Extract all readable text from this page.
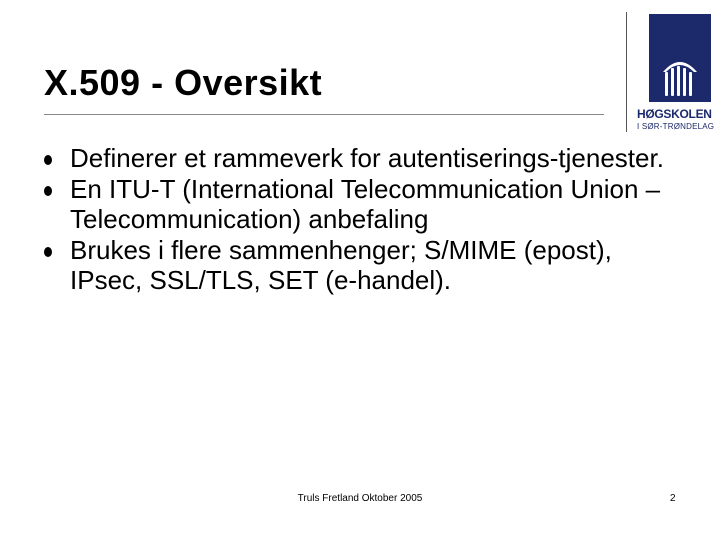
X.509 - Oversikt
HØGSKOLEN
I SØR-TRØNDELAG
Definerer et rammeverk for autentiserings-tjenester.
En ITU-T (International Telecommunication Union – Telecommunication) anbefaling
Brukes i flere sammenhenger; S/MIME (epost), IPsec, SSL/TLS, SET (e-handel).
Truls Fretland Oktober 2005	2
